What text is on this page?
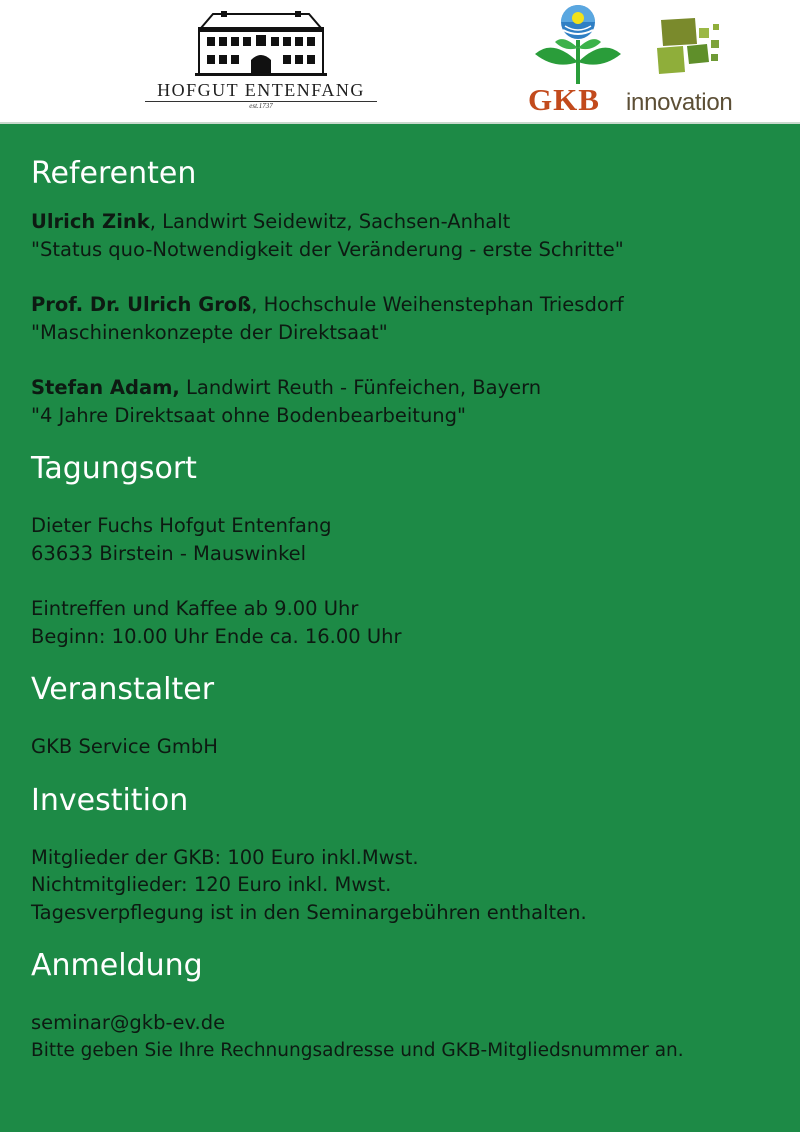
HOFGUT ENTENFANG
est.1737	GKB innovation
Referenten

Ulrich Zink, Landwirt Seidewitz, Sachsen-Anhalt

"Status quo-Notwendigkeit der Veränderung - erste Schritte"

Prof. Dr. Ulrich Groß, Hochschule Weihenstephan Triesdorf

"Maschinenkonzepte der Direktsaat"

Stefan Adam, Landwirt Reuth - Fünfeichen, Bayern

"4 Jahre Direktsaat ohne Bodenbearbeitung"

Tagungsort

Dieter Fuchs Hofgut Entenfang

63633 Birstein - Mauswinkel

Eintreffen und Kaffee ab 9.00 Uhr

Beginn: 10.00 Uhr Ende ca. 16.00 Uhr

Veranstalter

GKB Service GmbH

Investition

Mitglieder der GKB: 100 Euro inkl.Mwst.

Nichtmitglieder: 120 Euro inkl. Mwst.

Tagesverpflegung ist in den Seminargebühren enthalten.

Anmeldung

seminar@gkb-ev.de

Bitte geben Sie Ihre Rechnungsadresse und GKB-Mitgliedsnummer an.
